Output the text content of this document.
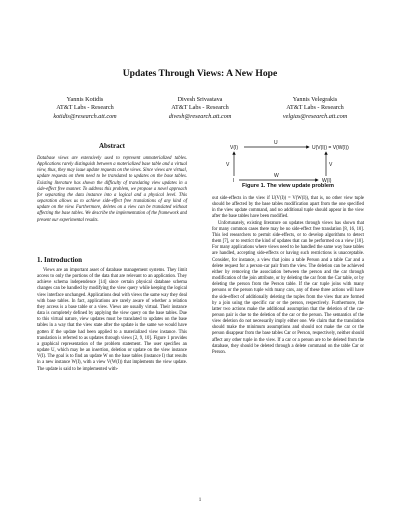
Updates Through Views: A New Hope
Yannis Kotidis
AT&T Labs - Research
kotidis@research.att.com
Divesh Srivastava
AT&T Labs - Research
divesh@research.att.com
Yannis Velegrakis
AT&T Labs - Research
velgias@research.att.com
Abstract
Database views are extensively used to represent unmaterialized tables. Applications rarely distinguish between a materialized base table and a virtual view, thus, they may issue update requests on the views. Since views are virtual, update requests on them need to be translated to updates on the base tables. Existing literature has shown the difficulty of translating view updates in a side-effect free manner. To address this problem, we propose a novel approach for separating the data instance into a logical and a physical level. This separation allows us to achieve side-effect free translations of any kind of update on the view. Furthermore, deletes on a view can be translated without affecting the base tables. We describe the implementation of the framework and present our experimental results.
1. Introduction

Views are an important asset of database management systems. They limit access to only the portions of the data that are relevant to an application. They achieve schema independence [14] since certain physical database schema changes can be handled by modifying the view query while keeping the logical view interface unchanged. Applications deal with views the same way they deal with base tables. In fact, applications are rarely aware of whether a relation they access is a base table or a view. Views are usually virtual. Their instance data is completely defined by applying the view query on the base tables. Due to this virtual nature, view updates must be translated to updates on the base tables in a way that the view state after the update is the same we would have gotten if the update had been applied to a materialized view instance. This translation is referred to as updates through views [2, 9, 10]. Figure 1 provides a graphical representation of the problem statement. The user specifies an update U, which may be an insertion, deletion or update on the view instance V(I). The goal is to find an update W on the base tables (instance I) that results in a new instance W(I), with a view V(W(I)) that implements the view update. The update is said to be implemented with-

V(I)	U(V(I)) = V(W(I))
I	W(I)
U
W
V	V
Figure 1. The view update problem

out side-effects in the view if U(V(I)) = V(W(I)), that is, no other view tuple should be affected by the base tables modification apart from the one specified in the view update command, and no additional tuple should appear in the view after the base tables have been modified.

Unfortunately, existing literature on updates through views has shown that for many common cases there may be no side-effect free translation [8, 16, 10]. This led researchers to permit side-effects, or to develop algorithms to detect them [7], or to restrict the kind of updates that can be performed on a view [10]. For many applications where views need to be handled the same way base tables are handled, accepting side-effects or having such restrictions is unacceptable. Consider, for instance, a view that joins a table Person and a table Car and a delete request for a person-car pair from the view. The deletion can be achieved either by removing the association between the person and the car through modification of the join attribute, or by deleting the car from the Car table, or by deleting the person from the Person table. If the car tuple joins with many persons or the person tuple with many cars, any of these three actions will have the side-effect of additionally deleting the tuples from the view that are formed by a join using the specific car or the person, respectively. Furthermore, the latter two actions make the additional assumption that the deletion of the car-person pair is due to the deletion of the car or the person. The semantics of the view deletion do not necessarily imply either one. We claim that the translation should make the minimum assumptions and should not make the car or the person disappear from the base tables Car or Person, respectively, neither should affect any other tuple in the view. If a car or a person are to be deleted from the database, they should be deleted through a delete command on the table Car or Person.

1
